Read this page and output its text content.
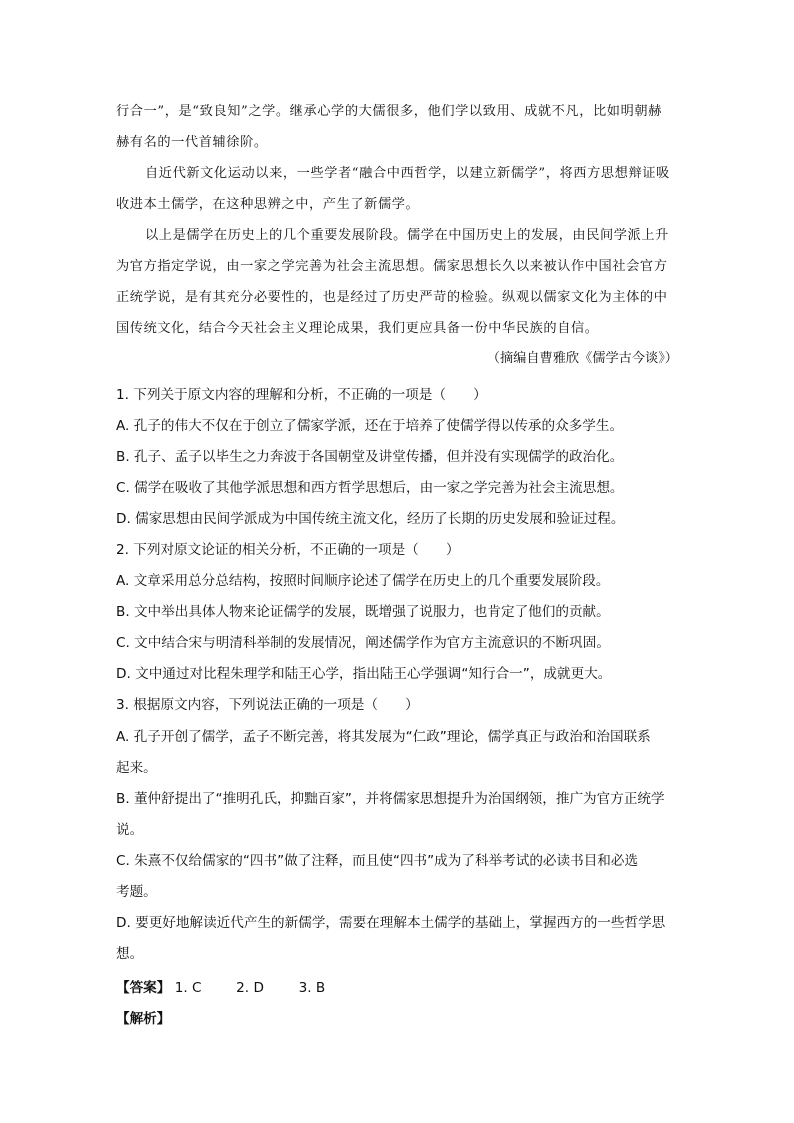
行合一”，是“致良知”之学。继承心学的大儒很多，他们学以致用、成就不凡，比如明朝赫
赫有名的一代首辅徐阶。
自近代新文化运动以来，一些学者“融合中西哲学，以建立新儒学”，将西方思想辩证吸
收进本土儒学，在这种思辨之中，产生了新儒学。
以上是儒学在历史上的几个重要发展阶段。儒学在中国历史上的发展，由民间学派上升
为官方指定学说，由一家之学完善为社会主流思想。儒家思想长久以来被认作中国社会官方
正统学说，是有其充分必要性的，也是经过了历史严苛的检验。纵观以儒家文化为主体的中
国传统文化，结合今天社会主义理论成果，我们更应具备一份中华民族的自信。
（摘编自曹雅欣《儒学古今谈》）
1. 下列关于原文内容的理解和分析，不正确的一项是（　　）
A. 孔子的伟大不仅在于创立了儒家学派，还在于培养了使儒学得以传承的众多学生。
B. 孔子、孟子以毕生之力奔波于各国朝堂及讲堂传播，但并没有实现儒学的政治化。
C. 儒学在吸收了其他学派思想和西方哲学思想后，由一家之学完善为社会主流思想。
D. 儒家思想由民间学派成为中国传统主流文化，经历了长期的历史发展和验证过程。
2. 下列对原文论证的相关分析，不正确的一项是（　　）
A. 文章采用总分总结构，按照时间顺序论述了儒学在历史上的几个重要发展阶段。
B. 文中举出具体人物来论证儒学的发展，既增强了说服力，也肯定了他们的贡献。
C. 文中结合宋与明清科举制的发展情况，阐述儒学作为官方主流意识的不断巩固。
D. 文中通过对比程朱理学和陆王心学，指出陆王心学强调“知行合一”，成就更大。
3. 根据原文内容，下列说法正确的一项是（　　）
A. 孔子开创了儒学，孟子不断完善，将其发展为“仁政”理论，儒学真正与政治和治国联系
起来。
B. 董仲舒提出了“推明孔氏，抑黜百家”，并将儒家思想提升为治国纲领，推广为官方正统学
说。
C. 朱熹不仅给儒家的“四书”做了注释，而且使“四书”成为了科举考试的必读书目和必选
考题。
D. 要更好地解读近代产生的新儒学，需要在理解本土儒学的基础上，掌握西方的一些哲学思
想。
【答案】 1. C	2. D	3. B
【解析】
